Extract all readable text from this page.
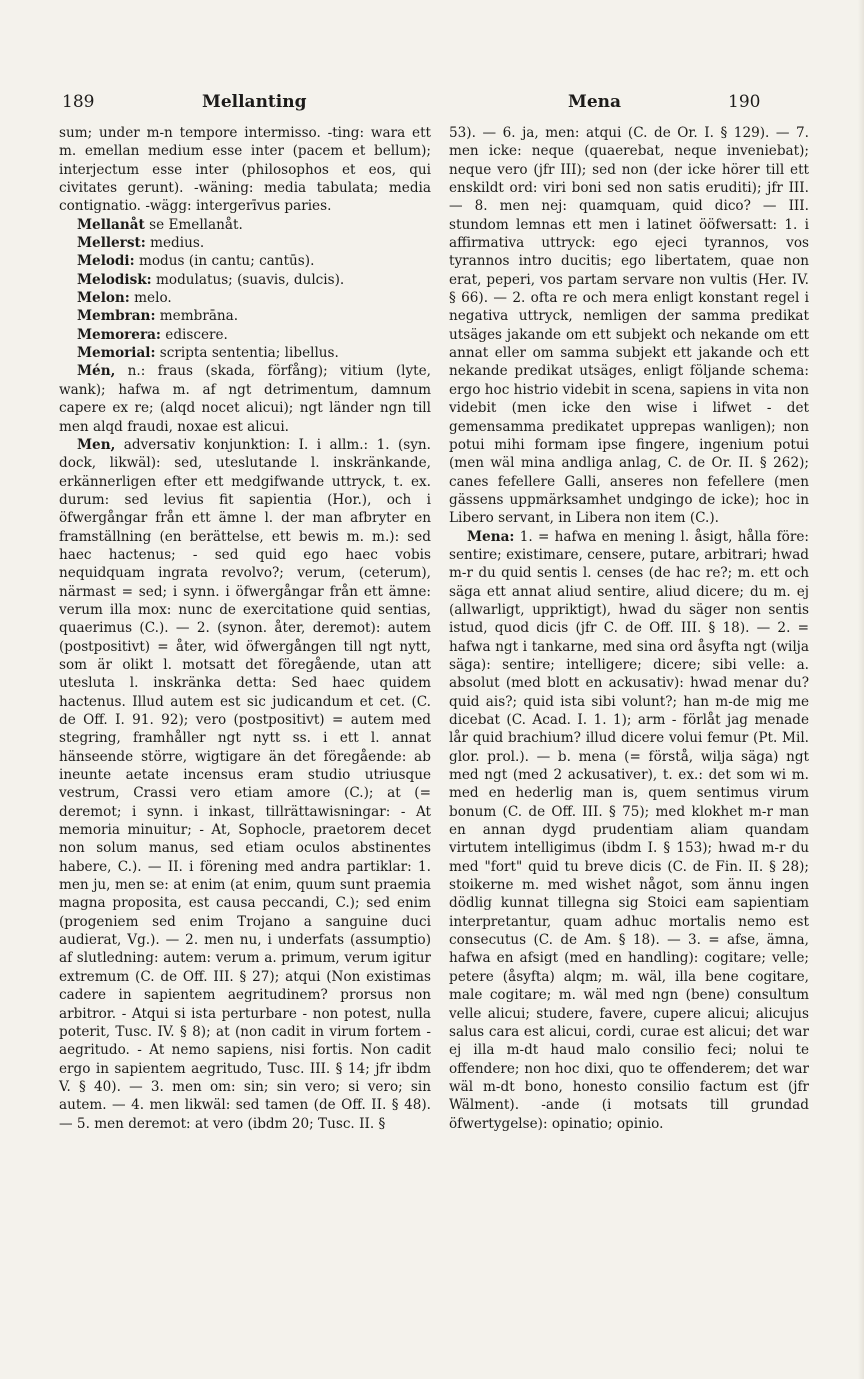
189	Mellanting	Mena	190

sum; under m-n tempore intermisso. -ting: wara ett m. emellan medium esse inter (pacem et bellum); interjectum esse inter (philosophos et eos, qui civitates gerunt). -wäning: media tabulata; media contignatio. -wägg: intergerīvus paries.

Mellanåt se Emellanåt.

Mellerst: medius.

Melodi: modus (in cantu; cantūs).

Melodisk: modulatus; (suavis, dulcis).

Melon: melo.

Membran: membrāna.

Memorera: ediscere.

Memorial: scripta sententia; libellus.

Mén, n.: fraus (skada, förfång); vitium (lyte, wank); hafwa m. af ngt detrimentum, damnum capere ex re; (alqd nocet alicui); ngt länder ngn till men alqd fraudi, noxae est alicui.

Men, adversativ konjunktion: I. i allm.: 1. (syn. dock, likwäl): sed, uteslutande l. inskränkande, erkännerligen efter ett medgifwande uttryck, t. ex. durum: sed levius fit sapientia (Hor.), och i öfwergångar från ett ämne l. der man afbryter en framställning (en berättelse, ett bewis m. m.): sed haec hactenus; - sed quid ego haec vobis nequidquam ingrata revolvo?; verum, (ceterum), närmast = sed; i synn. i öfwergångar från ett ämne: verum illa mox: nunc de exercitatione quid sentias, quaerimus (C.). — 2. (synon. åter, deremot): autem (postpositivt) = åter, wid öfwergången till ngt nytt, som är olikt l. motsatt det föregående, utan att uteslutа l. inskränka detta: Sed haec quidem hactenus. Illud autem est sic judicandum et cet. (C. de Off. I. 91. 92); vero (postpositivt) = autem med stegring, framhåller ngt nytt ss. i ett l. annat hänseende större, wigtigare än det föregående: ab ineunte aetate incensus eram studio utriusque vestrum, Crassi vero etiam amore (C.); at (= deremot; i synn. i inkast, tillrättawisningar: - At memoria minuitur; - At, Sophocle, praetorem decet non solum manus, sed etiam oculos abstinentes habere, C.). — II. i förening med andra partiklar: 1. men ju, men se: at enim (at enim, quum sunt praemia magna proposita, est causa peccandi, C.); sed enim (progeniem sed enim Trojano a sanguine duci audierat, Vg.). — 2. men nu, i underfats (assumptio) af slutledning: autem: verum a. primum, verum igitur extremum (C. de Off. III. § 27); atqui (Non existimas cadere in sapientem aegritudinem? prorsus non arbitror. - Atqui si ista perturbare - non potest, nulla poterit, Tusc. IV. § 8); at (non cadit in virum fortem - aegritudo. - At nemo sapiens, nisi fortis. Non cadit ergo in sapientem aegritudo, Tusc. III. § 14; jfr ibdm V. § 40). — 3. men om: sin; sin vero; si vero; sin autem. — 4. men likwäl: sed tamen (de Off. II. § 48). — 5. men deremot: at vero (ibdm 20; Tusc. II. §

53). — 6. ja, men: atqui (C. de Or. I. § 129). — 7. men icke: neque (quaerebat, neque inveniebat); neque vero (jfr III); sed non (der icke hörer till ett enskildt ord: viri boni sed non satis eruditi); jfr III. — 8. men nej: quamquam, quid dico? — III. stundom lemnas ett men i latinet ööfwersatt: 1. i affirmativa uttryck: ego ejeci tyrannos, vos tyrannos intro ducitis; ego libertatem, quae non erat, peperi, vos partam servare non vultis (Her. IV. § 66). — 2. ofta re och mera enligt konstant regel i negativa uttryck, nemligen der samma predikat utsäges jakande om ett subjekt och nekande om ett annat eller om samma subjekt ett jakande och ett nekande predikat utsäges, enligt följande schema: ergo hoc histrio videbit in scena, sapiens in vita non videbit (men icke den wise i lifwet - det gemensamma predikatet upprepas wanligen); non potui mihi formam ipse fingere, ingenium potui (men wäl mina andliga anlag, C. de Or. II. § 262); canes fefellere Galli, anseres non fefellere (men gässens uppmärksamhet undgingo de icke); hoc in Libero servant, in Libera non item (C.).

Mena: 1. = hafwa en mening l. åsigt, hålla före: sentire; existimare, censere, putare, arbitrari; hwad m-r du quid sentis l. censes (de hac re?; m. ett och säga ett annat aliud sentire, aliud dicere; du m. ej (allwarligt, uppriktigt), hwad du säger non sentis istud, quod dicis (jfr C. de Off. III. § 18). — 2. = hafwa ngt i tankarne, med sina ord åsyfta ngt (wilja säga): sentire; intelligere; dicere; sibi velle: a. absolut (med blott en ackusativ): hwad menar du? quid ais?; quid ista sibi volunt?; han m-de mig me dicebat (C. Acad. I. 1. 1); arm - förlåt jag menade lår quid brachium? illud dicere volui femur (Pt. Mil. glor. prol.). — b. mena (= förstå, wilja säga) ngt med ngt (med 2 ackusativer), t. ex.: det som wi m. med en hederlig man is, quem sentimus virum bonum (C. de Off. III. § 75); med klokhet m-r man en annan dygd prudentiam aliam quandam virtutem intelligimus (ibdm I. § 153); hwad m-r du med "fort" quid tu breve dicis (C. de Fin. II. § 28); stoikerne m. med wishet något, som ännu ingen dödlig kunnat tillegna sig Stoici eam sapientiam interpretantur, quam adhuc mortalis nemo est consecutus (C. de Am. § 18). — 3. = afse, ämna, hafwa en afsigt (med en handling): cogitare; velle; petere (åsyfta) alqm; m. wäl, illa bene cogitare, male cogitare; m. wäl med ngn (bene) consultum velle alicui; studere, favere, cupere alicui; alicujus salus cara est alicui, cordi, curae est alicui; det war ej illa m-dt haud malo consilio feci; nolui te offendere; non hoc dixi, quo te offenderem; det war wäl m-dt bono, honesto consilio factum est (jfr Wälment). -ande (i motsats till grundad öfwertygelse): opinatio; opinio.
